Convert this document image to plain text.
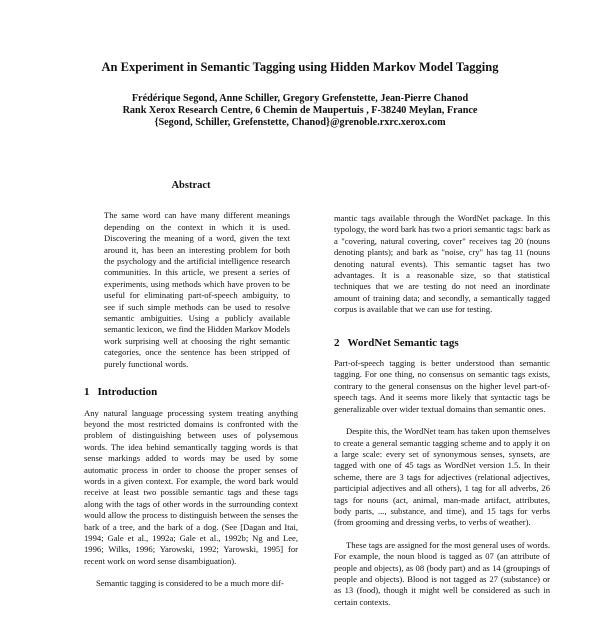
An Experiment in Semantic Tagging using Hidden Markov Model Tagging
Frédérique Segond, Anne Schiller, Gregory Grefenstette, Jean-Pierre Chanod
Rank Xerox Research Centre, 6 Chemin de Maupertuis , F-38240 Meylan, France
{Segond, Schiller, Grefenstette, Chanod}@grenoble.rxrc.xerox.com
Abstract

The same word can have many different meanings depending on the context in which it is used. Discovering the meaning of a word, given the text around it, has been an interesting problem for both the psychology and the artificial intelligence research communities. In this article, we present a series of experiments, using methods which have proven to be useful for eliminating part-of-speech ambiguity, to see if such simple methods can be used to resolve semantic ambiguities. Using a publicly available semantic lexicon, we find the Hidden Markov Models work surprising well at choosing the right semantic categories, once the sentence has been stripped of purely functional words.

1 Introduction

Any natural language processing system treating anything beyond the most restricted domains is confronted with the problem of distinguishing between uses of polysemous words. The idea behind semantically tagging words is that sense markings added to words may be used by some automatic process in order to choose the proper senses of words in a given context. For example, the word bark would receive at least two possible semantic tags and these tags along with the tags of other words in the surrounding context would allow the process to distinguish between the senses the bark of a tree, and the bark of a dog. (See [Dagan and Itai, 1994; Gale et al., 1992a; Gale et al., 1992b; Ng and Lee, 1996; Wilks, 1996; Yarowski, 1992; Yarowski, 1995] for recent work on word sense disambiguation).

Semantic tagging is considered to be a much more dif-

mantic tags available through the WordNet package. In this typology, the word bark has two a priori semantic tags: bark as a "covering, natural covering, cover" receives tag 20 (nouns denoting plants); and bark as "noise, cry" has tag 11 (nouns denoting natural events). This semantic tagset has two advantages. It is a reasonable size, so that statistical techniques that we are testing do not need an inordinate amount of training data; and secondly, a semantically tagged corpus is available that we can use for testing.

2 WordNet Semantic tags

Part-of-speech tagging is better understood than semantic tagging. For one thing, no consensus on semantic tags exists, contrary to the general consensus on the higher level part-of-speech tags. And it seems more likely that syntactic tags be generalizable over wider textual domains than semantic ones.

Despite this, the WordNet team has taken upon themselves to create a general semantic tagging scheme and to apply it on a large scale: every set of synonymous senses, synsets, are tagged with one of 45 tags as WordNet version 1.5. In their scheme, there are 3 tags for adjectives (relational adjectives, participial adjectives and all others), 1 tag for all adverbs, 26 tags for nouns (act, animal, man-made artifact, attributes, body parts, ..., substance, and time), and 15 tags for verbs (from grooming and dressing verbs, to verbs of weather).

These tags are assigned for the most general uses of words. For example, the noun blood is tagged as 07 (an attribute of people and objects), as 08 (body part) and as 14 (groupings of people and objects). Blood is not tagged as 27 (substance) or as 13 (food), though it might well be considered as such in certain contexts.
